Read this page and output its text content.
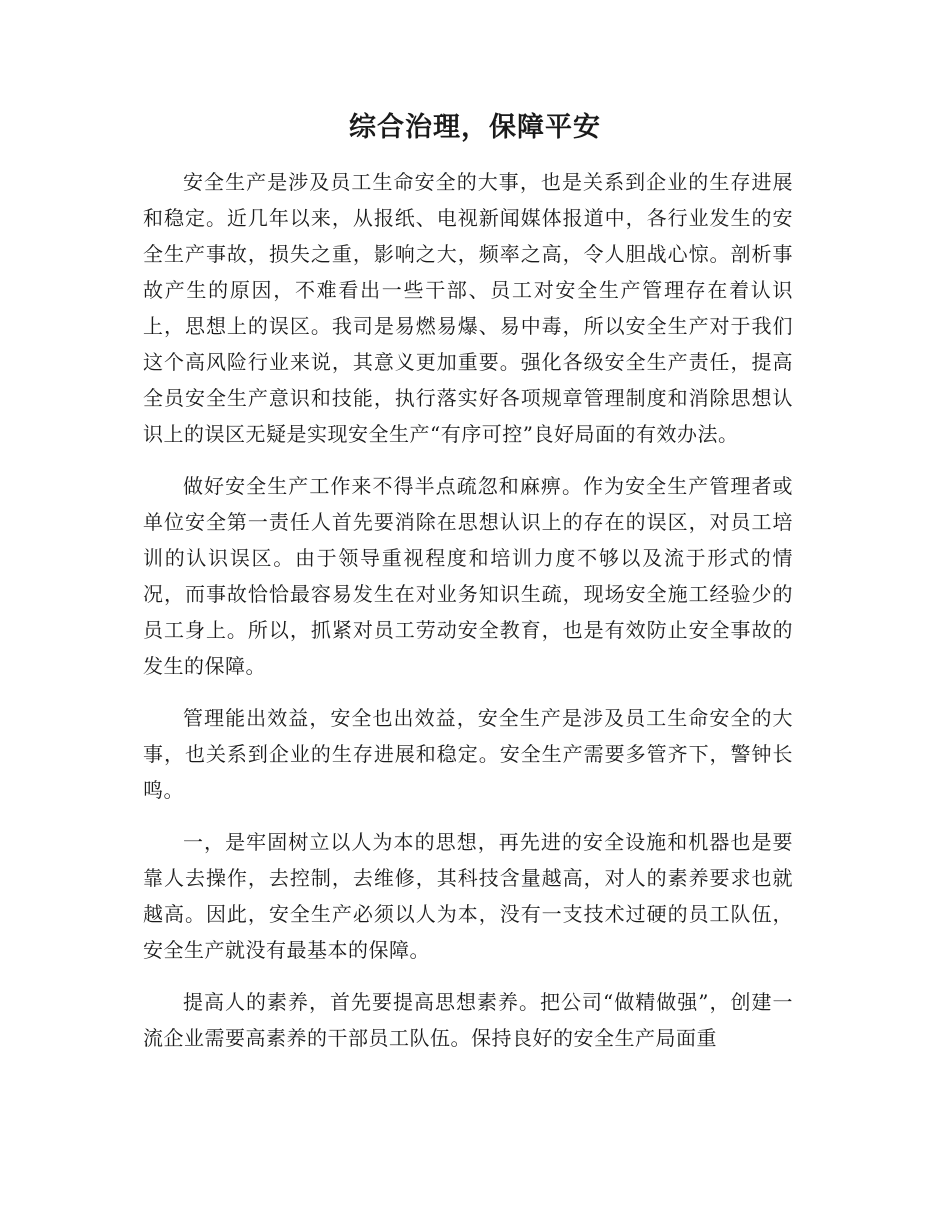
综合治理，保障平安

安全生产是涉及员工生命安全的大事，也是关系到企业的生存进展和稳定。近几年以来，从报纸、电视新闻媒体报道中，各行业发生的安全生产事故，损失之重，影响之大，频率之高，令人胆战心惊。剖析事故产生的原因，不难看出一些干部、员工对安全生产管理存在着认识上，思想上的误区。我司是易燃易爆、易中毒，所以安全生产对于我们这个高风险行业来说，其意义更加重要。强化各级安全生产责任，提高全员安全生产意识和技能，执行落实好各项规章管理制度和消除思想认识上的误区无疑是实现安全生产“有序可控”良好局面的有效办法。

做好安全生产工作来不得半点疏忽和麻痹。作为安全生产管理者或单位安全第一责任人首先要消除在思想认识上的存在的误区，对员工培训的认识误区。由于领导重视程度和培训力度不够以及流于形式的情况，而事故恰恰最容易发生在对业务知识生疏，现场安全施工经验少的员工身上。所以，抓紧对员工劳动安全教育，也是有效防止安全事故的发生的保障。

管理能出效益，安全也出效益，安全生产是涉及员工生命安全的大事，也关系到企业的生存进展和稳定。安全生产需要多管齐下，警钟长鸣。

一，是牢固树立以人为本的思想，再先进的安全设施和机器也是要靠人去操作，去控制，去维修，其科技含量越高，对人的素养要求也就越高。因此，安全生产必须以人为本，没有一支技术过硬的员工队伍，安全生产就没有最基本的保障。

提高人的素养，首先要提高思想素养。把公司“做精做强”，创建一流企业需要高素养的干部员工队伍。保持良好的安全生产局面重
